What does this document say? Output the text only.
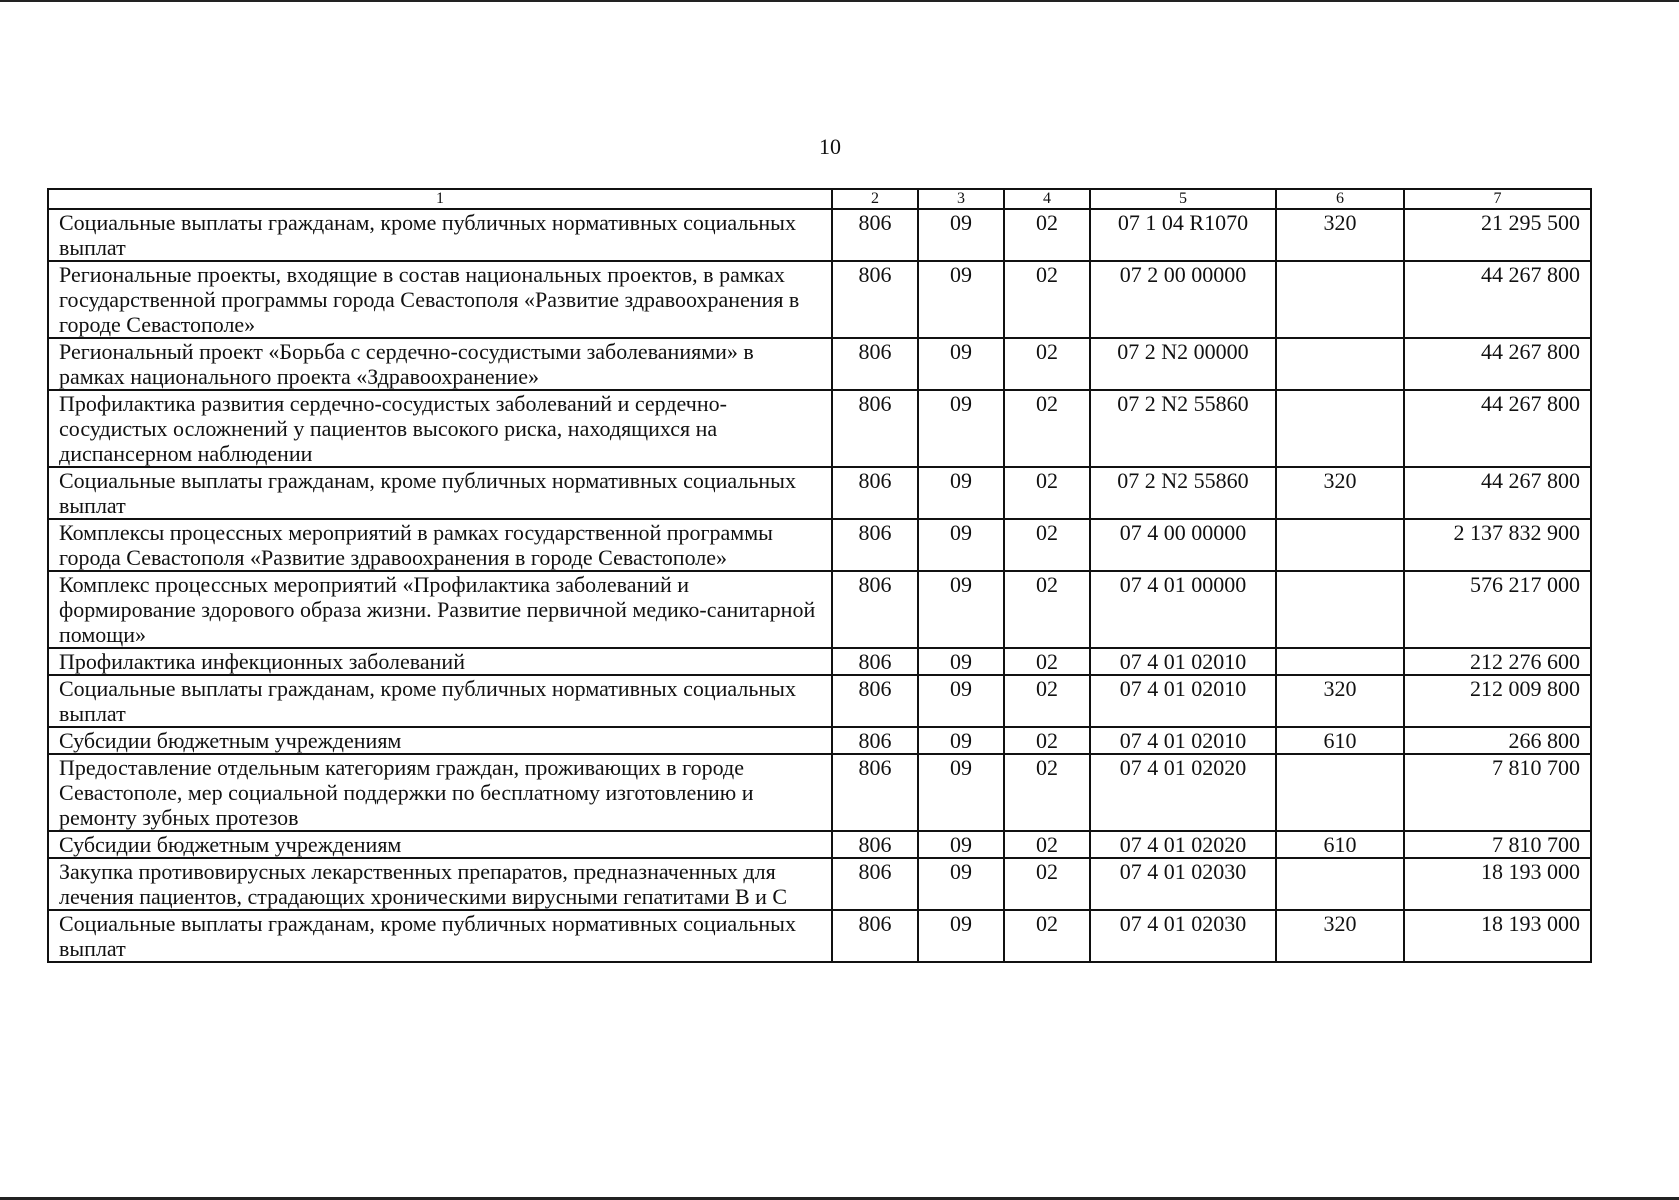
10
1	2	3	4	5	6	7
Социальные выплаты гражданам, кроме публичных нормативных социальных выплат	806	09	02	07 1 04 R1070	320	21 295 500
Региональные проекты, входящие в состав национальных проектов, в рамках государственной программы города Севастополя «Развитие здравоохранения в городе Севастополе»	806	09	02	07 2 00 00000		44 267 800
Региональный проект «Борьба с сердечно-сосудистыми заболеваниями» в рамках национального проекта «Здравоохранение»	806	09	02	07 2 N2 00000		44 267 800
Профилактика развития сердечно-сосудистых заболеваний и сердечно-сосудистых осложнений у пациентов высокого риска, находящихся на диспансерном наблюдении	806	09	02	07 2 N2 55860		44 267 800
Социальные выплаты гражданам, кроме публичных нормативных социальных выплат	806	09	02	07 2 N2 55860	320	44 267 800
Комплексы процессных мероприятий в рамках государственной программы города Севастополя «Развитие здравоохранения в городе Севастополе»	806	09	02	07 4 00 00000		2 137 832 900
Комплекс процессных мероприятий «Профилактика заболеваний и формирование здорового образа жизни. Развитие первичной медико-санитарной помощи»	806	09	02	07 4 01 00000		576 217 000
Профилактика инфекционных заболеваний	806	09	02	07 4 01 02010		212 276 600
Социальные выплаты гражданам, кроме публичных нормативных социальных выплат	806	09	02	07 4 01 02010	320	212 009 800
Субсидии бюджетным учреждениям	806	09	02	07 4 01 02010	610	266 800
Предоставление отдельным категориям граждан, проживающих в городе Севастополе, мер социальной поддержки по бесплатному изготовлению и ремонту зубных протезов	806	09	02	07 4 01 02020		7 810 700
Субсидии бюджетным учреждениям	806	09	02	07 4 01 02020	610	7 810 700
Закупка противовирусных лекарственных препаратов, предназначенных для лечения пациентов, страдающих хроническими вирусными гепатитами B и C	806	09	02	07 4 01 02030		18 193 000
Социальные выплаты гражданам, кроме публичных нормативных социальных выплат	806	09	02	07 4 01 02030	320	18 193 000
